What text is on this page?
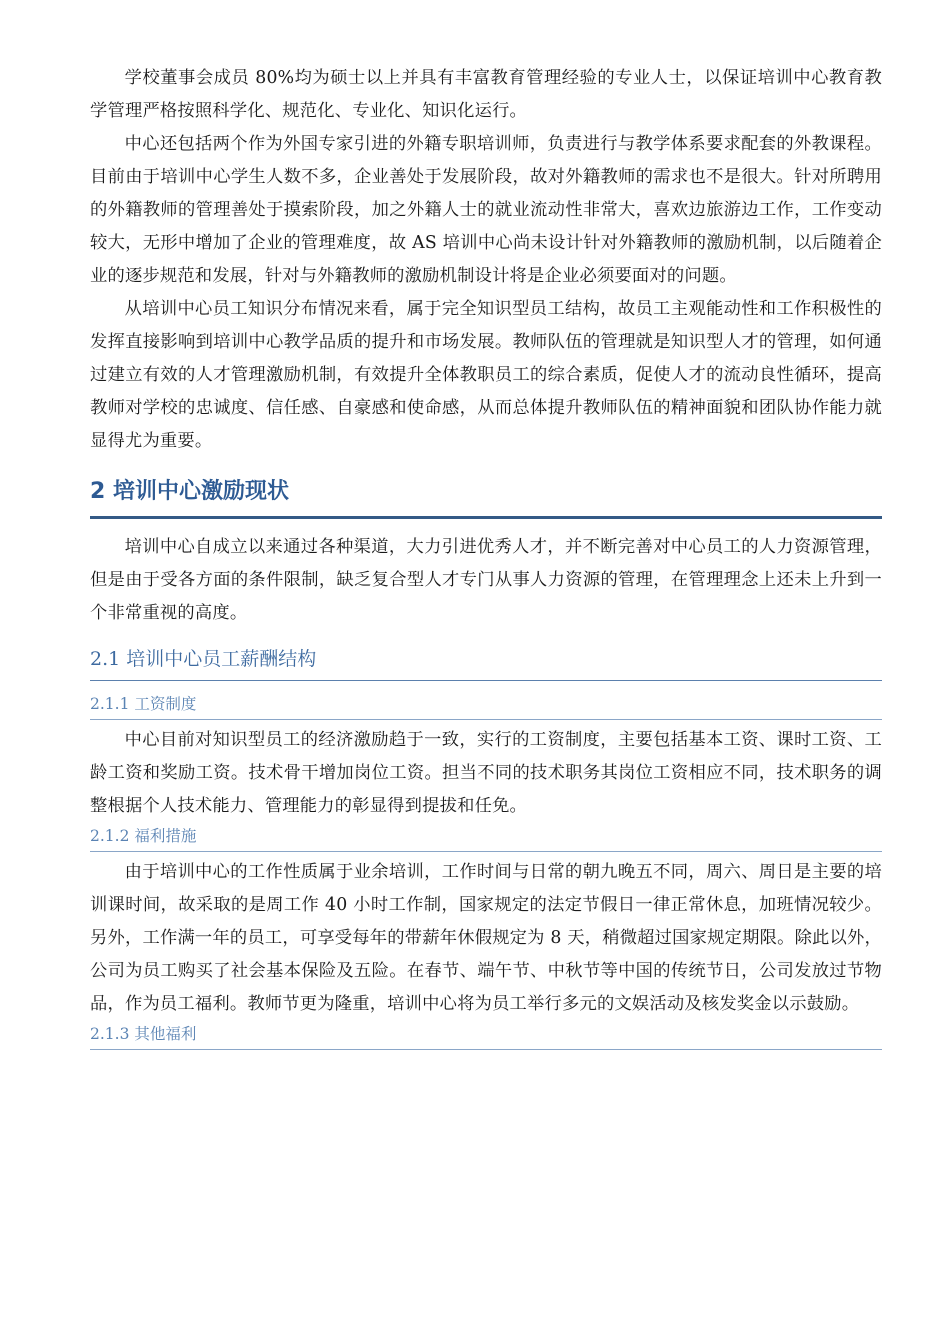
学校董事会成员 80%均为硕士以上并具有丰富教育管理经验的专业人士，以保证培训中心教育教学管理严格按照科学化、规范化、专业化、知识化运行。

中心还包括两个作为外国专家引进的外籍专职培训师，负责进行与教学体系要求配套的外教课程。目前由于培训中心学生人数不多，企业善处于发展阶段，故对外籍教师的需求也不是很大。针对所聘用的外籍教师的管理善处于摸索阶段，加之外籍人士的就业流动性非常大，喜欢边旅游边工作，工作变动较大，无形中增加了企业的管理难度，故 AS 培训中心尚未设计针对外籍教师的激励机制，以后随着企业的逐步规范和发展，针对与外籍教师的激励机制设计将是企业必须要面对的问题。

从培训中心员工知识分布情况来看，属于完全知识型员工结构，故员工主观能动性和工作积极性的发挥直接影响到培训中心教学品质的提升和市场发展。教师队伍的管理就是知识型人才的管理，如何通过建立有效的人才管理激励机制，有效提升全体教职员工的综合素质，促使人才的流动良性循环，提高教师对学校的忠诚度、信任感、自豪感和使命感，从而总体提升教师队伍的精神面貌和团队协作能力就显得尤为重要。

2 培训中心激励现状

培训中心自成立以来通过各种渠道，大力引进优秀人才，并不断完善对中心员工的人力资源管理，但是由于受各方面的条件限制，缺乏复合型人才专门从事人力资源的管理，在管理理念上还未上升到一个非常重视的高度。

2.1 培训中心员工薪酬结构
2.1.1 工资制度

中心目前对知识型员工的经济激励趋于一致，实行的工资制度，主要包括基本工资、课时工资、工龄工资和奖励工资。技术骨干增加岗位工资。担当不同的技术职务其岗位工资相应不同，技术职务的调整根据个人技术能力、管理能力的彰显得到提拔和任免。

2.1.2 福利措施

由于培训中心的工作性质属于业余培训，工作时间与日常的朝九晚五不同，周六、周日是主要的培训课时间，故采取的是周工作 40 小时工作制，国家规定的法定节假日一律正常休息，加班情况较少。另外，工作满一年的员工，可享受每年的带薪年休假规定为 8 天，稍微超过国家规定期限。除此以外，公司为员工购买了社会基本保险及五险。在春节、端午节、中秋节等中国的传统节日，公司发放过节物品，作为员工福利。教师节更为隆重，培训中心将为员工举行多元的文娱活动及核发奖金以示鼓励。

2.1.3 其他福利
